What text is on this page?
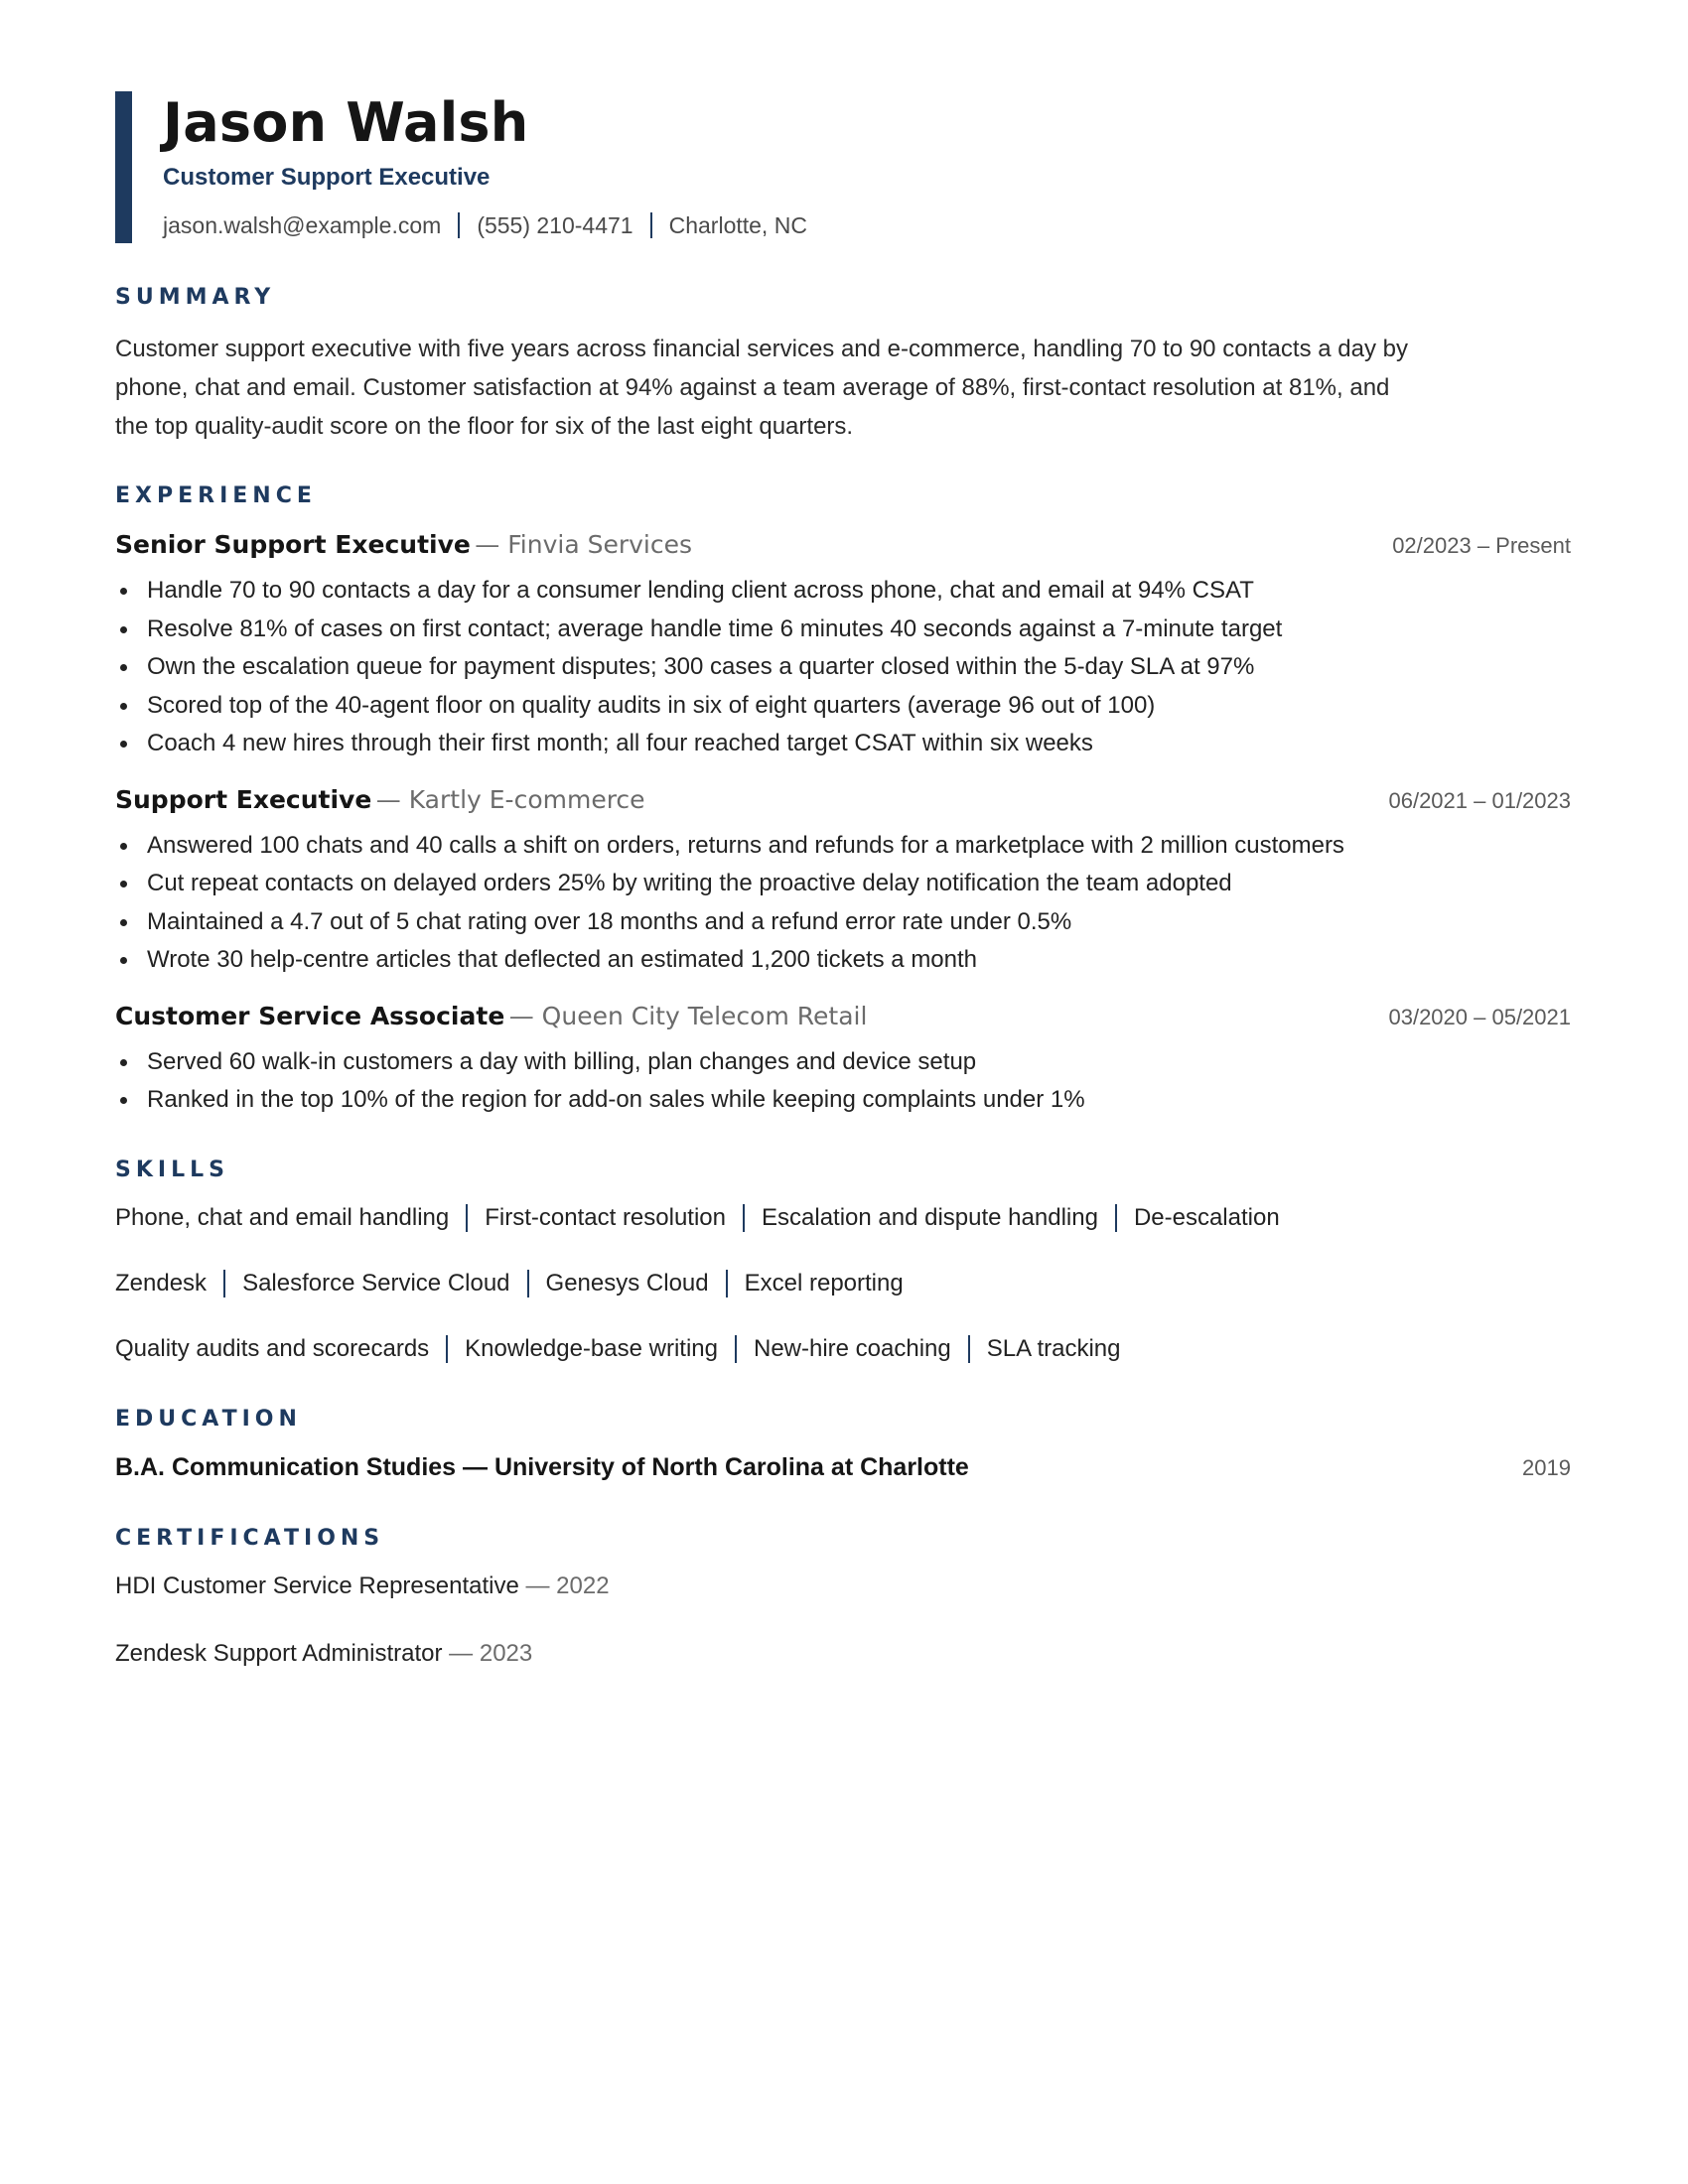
Jason Walsh
Customer Support Executive
jason.walsh@example.com (555) 210-4471 Charlotte, NC
SUMMARY
Customer support executive with five years across financial services and e-commerce, handling 70 to 90 contacts a day by
phone, chat and email. Customer satisfaction at 94% against a team average of 88%, first-contact resolution at 81%, and
the top quality-audit score on the floor for six of the last eight quarters.
EXPERIENCE
Senior Support Executive — Finvia Services	02/2023 – Present
Handle 70 to 90 contacts a day for a consumer lending client across phone, chat and email at 94% CSAT
Resolve 81% of cases on first contact; average handle time 6 minutes 40 seconds against a 7-minute target
Own the escalation queue for payment disputes; 300 cases a quarter closed within the 5-day SLA at 97%
Scored top of the 40-agent floor on quality audits in six of eight quarters (average 96 out of 100)
Coach 4 new hires through their first month; all four reached target CSAT within six weeks
Support Executive — Kartly E-commerce	06/2021 – 01/2023
Answered 100 chats and 40 calls a shift on orders, returns and refunds for a marketplace with 2 million customers
Cut repeat contacts on delayed orders 25% by writing the proactive delay notification the team adopted
Maintained a 4.7 out of 5 chat rating over 18 months and a refund error rate under 0.5%
Wrote 30 help-centre articles that deflected an estimated 1,200 tickets a month
Customer Service Associate — Queen City Telecom Retail	03/2020 – 05/2021
Served 60 walk-in customers a day with billing, plan changes and device setup
Ranked in the top 10% of the region for add-on sales while keeping complaints under 1%
SKILLS
Phone, chat and email handling First-contact resolution Escalation and dispute handling De-escalation
Zendesk Salesforce Service Cloud Genesys Cloud Excel reporting
Quality audits and scorecards Knowledge-base writing New-hire coaching SLA tracking
EDUCATION
B.A. Communication Studies — University of North Carolina at Charlotte	2019
CERTIFICATIONS
HDI Customer Service Representative — 2022
Zendesk Support Administrator — 2023
